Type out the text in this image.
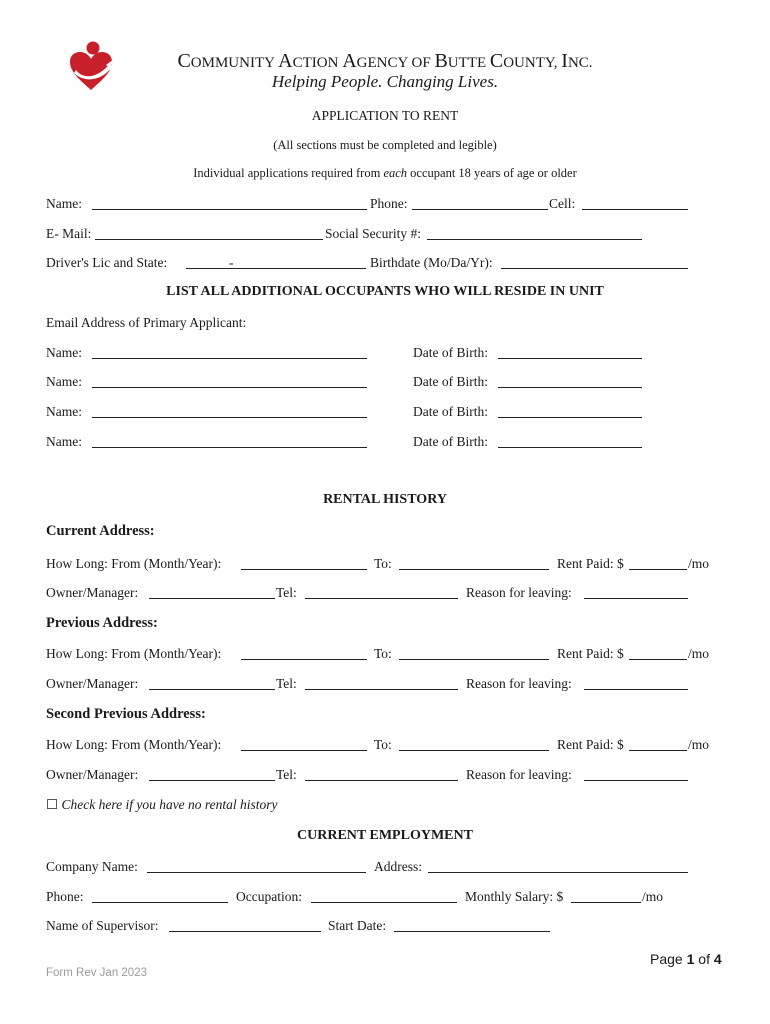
COMMUNITY ACTION AGENCY OF BUTTE COUNTY, INC.
Helping People. Changing Lives.
APPLICATION TO RENT
(All sections must be completed and legible)
Individual applications required from each occupant 18 years of age or older
Name:	Phone:	Cell:
E- Mail:	Social Security #:
Driver's Lic and State:	-	Birthdate (Mo/Da/Yr):
LIST ALL ADDITIONAL OCCUPANTS WHO WILL RESIDE IN UNIT
Email Address of Primary Applicant:
Name:	Date of Birth:
Name:	Date of Birth:
Name:	Date of Birth:
Name:	Date of Birth:
RENTAL HISTORY
Current Address:
How Long: From (Month/Year):	To:	Rent Paid: $	/mo
Owner/Manager:	Tel:	Reason for leaving:
Previous Address:
How Long: From (Month/Year):	To:	Rent Paid: $	/mo
Owner/Manager:	Tel:	Reason for leaving:
Second Previous Address:
How Long: From (Month/Year):	To:	Rent Paid: $	/mo
Owner/Manager:	Tel:	Reason for leaving:
☐ Check here if you have no rental history
CURRENT EMPLOYMENT
Company Name:	Address:
Phone:	Occupation:	Monthly Salary: $	/mo
Name of Supervisor:	Start Date:
Page 1 of 4
Form Rev Jan 2023
